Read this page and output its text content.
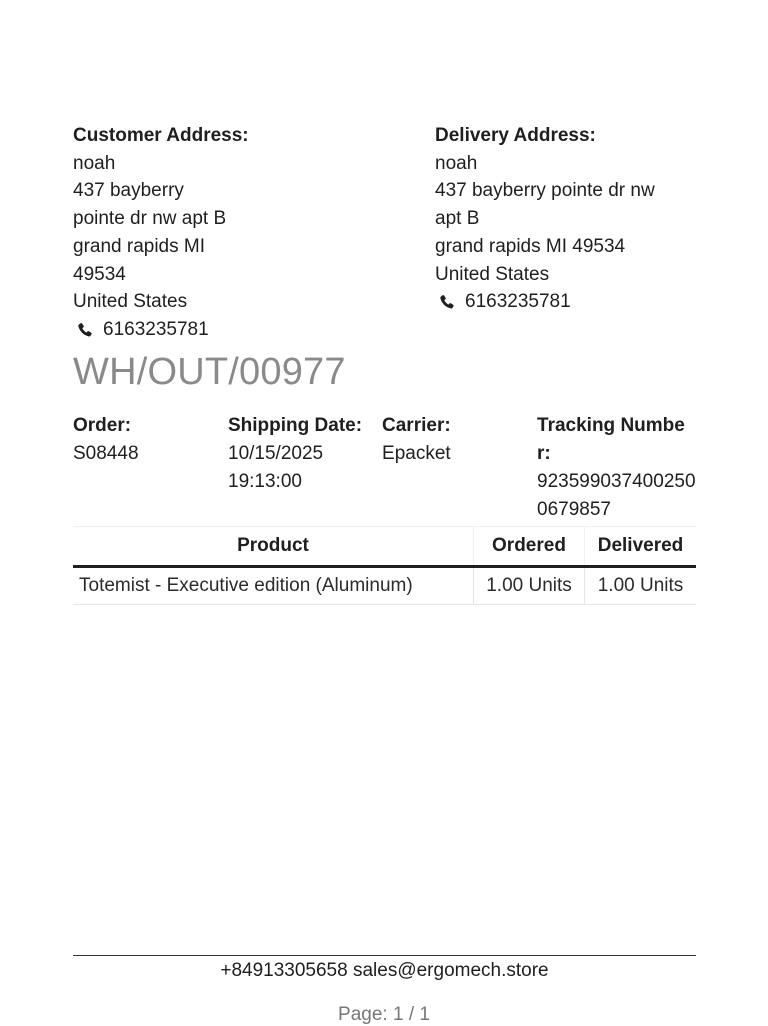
Customer Address:
noah
437 bayberry
pointe dr nw apt B
grand rapids MI
49534
United States
6163235781
Delivery Address:
noah
437 bayberry pointe dr nw
apt B
grand rapids MI 49534
United States
6163235781
WH/OUT/00977
Order:
S08448
Shipping Date:
10/15/2025 19:13:00
Carrier:
Epacket
Tracking Number:
9235990374002500679857
Product	Ordered	Delivered
Totemist - Executive edition (Aluminum)	1.00 Units	1.00 Units
+84913305658 sales@ergomech.store
Page: 1 / 1
